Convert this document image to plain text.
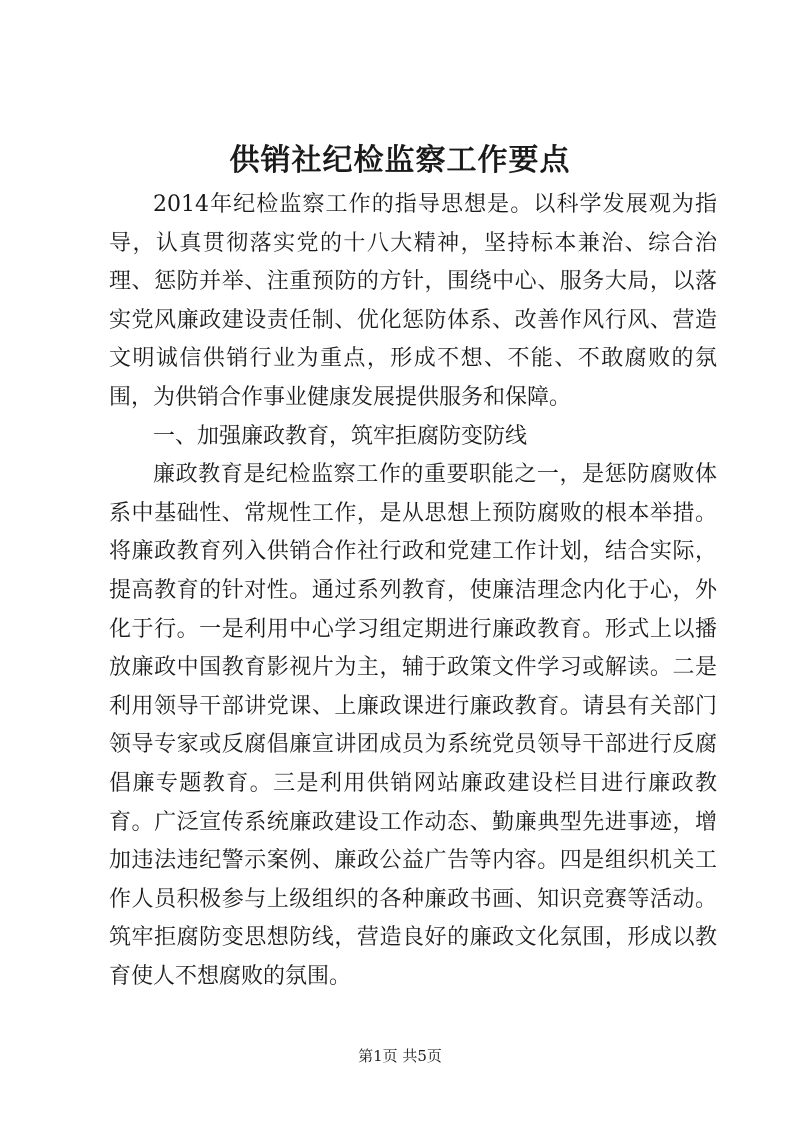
供销社纪检监察工作要点

2014年纪检监察工作的指导思想是。以科学发展观为指导，认真贯彻落实党的十八大精神，坚持标本兼治、综合治理、惩防并举、注重预防的方针，围绕中心、服务大局，以落实党风廉政建设责任制、优化惩防体系、改善作风行风、营造文明诚信供销行业为重点，形成不想、不能、不敢腐败的氛围，为供销合作事业健康发展提供服务和保障。

一、加强廉政教育，筑牢拒腐防变防线

廉政教育是纪检监察工作的重要职能之一，是惩防腐败体系中基础性、常规性工作，是从思想上预防腐败的根本举措。将廉政教育列入供销合作社行政和党建工作计划，结合实际，提高教育的针对性。通过系列教育，使廉洁理念内化于心，外化于行。一是利用中心学习组定期进行廉政教育。形式上以播放廉政中国教育影视片为主，辅于政策文件学习或解读。二是利用领导干部讲党课、上廉政课进行廉政教育。请县有关部门领导专家或反腐倡廉宣讲团成员为系统党员领导干部进行反腐倡廉专题教育。三是利用供销网站廉政建设栏目进行廉政教育。广泛宣传系统廉政建设工作动态、勤廉典型先进事迹，增加违法违纪警示案例、廉政公益广告等内容。四是组织机关工作人员积极参与上级组织的各种廉政书画、知识竞赛等活动。筑牢拒腐防变思想防线，营造良好的廉政文化氛围，形成以教育使人不想腐败的氛围。

第1页 共5页
